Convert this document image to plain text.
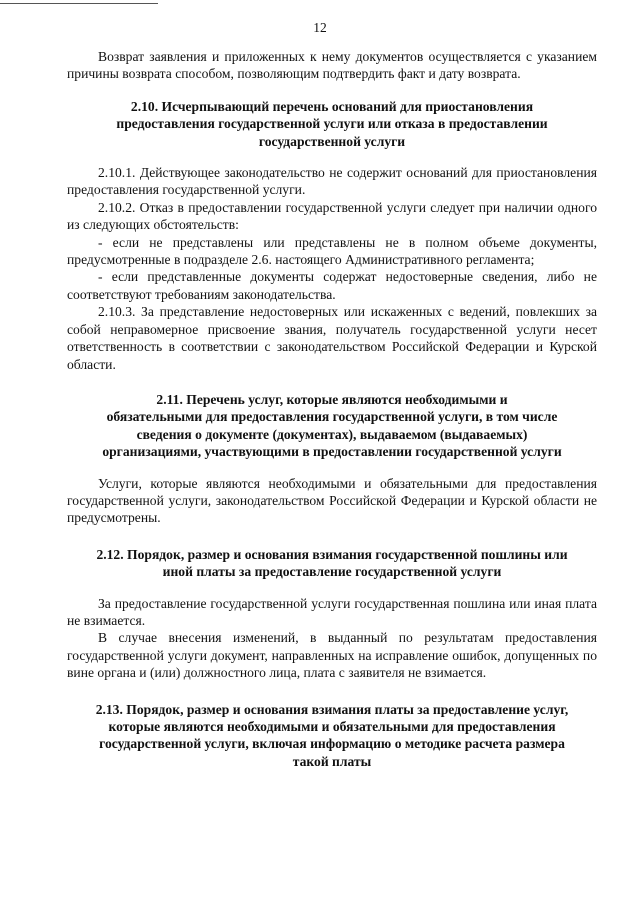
12

Возврат заявления и приложенных к нему документов осуществляется с указанием причины возврата способом, позволяющим подтвердить факт и дату возврата.

2.10. Исчерпывающий перечень оснований для приостановления
предоставления государственной услуги или отказа в предоставлении
государственной услуги

2.10.1. Действующее законодательство не содержит оснований для приостановления предоставления государственной услуги.

2.10.2. Отказ в предоставлении государственной услуги следует при наличии одного из следующих обстоятельств:

- если не представлены или представлены не в полном объеме документы, предусмотренные в подразделе 2.6. настоящего Административного регламента;

- если представленные документы содержат недостоверные сведения, либо не соответствуют требованиям законодательства.

2.10.3. За представление недостоверных или искаженных с ведений, повлекших за собой неправомерное присвоение звания, получатель государственной услуги несет ответственность в соответствии с законодательством Российской Федерации и Курской области.

2.11. Перечень услуг, которые являются необходимыми и
обязательными для предоставления государственной услуги, в том числе
сведения о документе (документах), выдаваемом (выдаваемых)
организациями, участвующими в предоставлении государственной услуги

Услуги, которые являются необходимыми и обязательными для предоставления государственной услуги, законодательством Российской Федерации и Курской области не предусмотрены.

2.12. Порядок, размер и основания взимания государственной пошлины или
иной платы за предоставление государственной услуги

За предоставление государственной услуги государственная пошлина или иная плата не взимается.

В случае внесения изменений, в выданный по результатам предоставления государственной услуги документ, направленных на исправление ошибок, допущенных по вине органа и (или) должностного лица, плата с заявителя не взимается.

2.13. Порядок, размер и основания взимания платы за предоставление услуг,
которые являются необходимыми и обязательными для предоставления
государственной услуги, включая информацию о методике расчета размера
такой платы
